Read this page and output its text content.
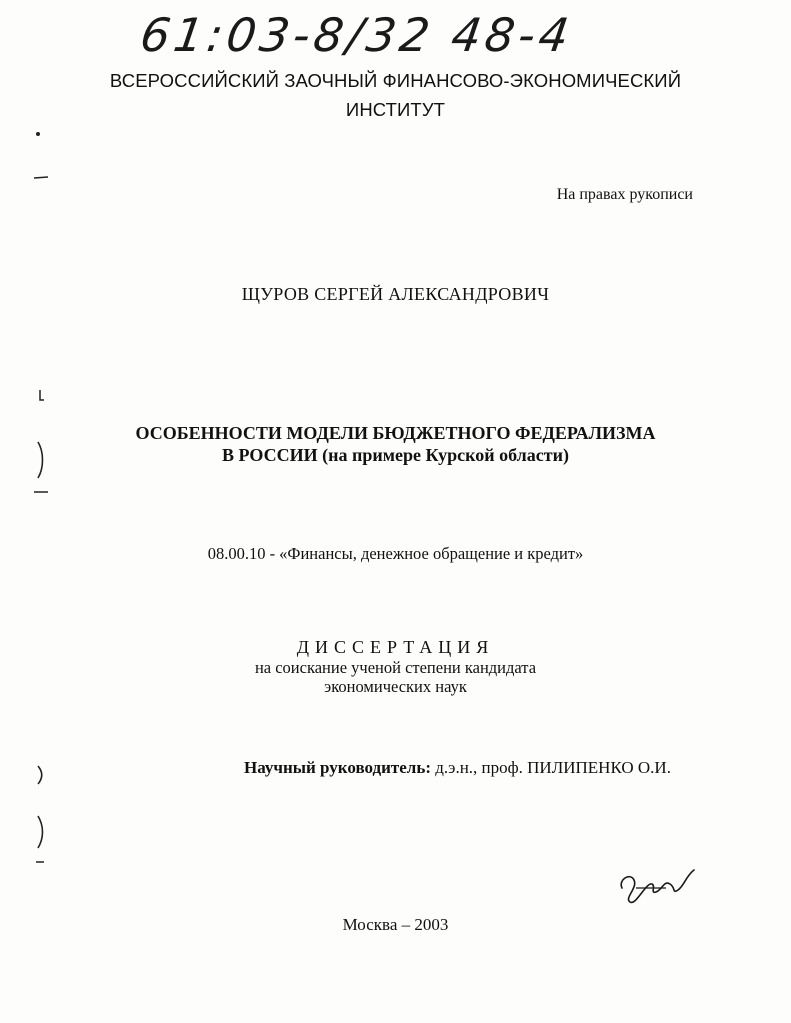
61:03-8/32 48-4
ВСЕРОССИЙСКИЙ ЗАОЧНЫЙ ФИНАНСОВО-ЭКОНОМИЧЕСКИЙ
ИНСТИТУТ
На правах рукописи
ЩУРОВ СЕРГЕЙ АЛЕКСАНДРОВИЧ
ОСОБЕННОСТИ МОДЕЛИ БЮДЖЕТНОГО ФЕДЕРАЛИЗМА
В РОССИИ (на примере Курской области)
08.00.10 - «Финансы, денежное обращение и кредит»
ДИССЕРТАЦИЯ
на соискание ученой степени кандидата
экономических наук
Научный руководитель: д.э.н., проф. ПИЛИПЕНКО О.И.
Москва – 2003
